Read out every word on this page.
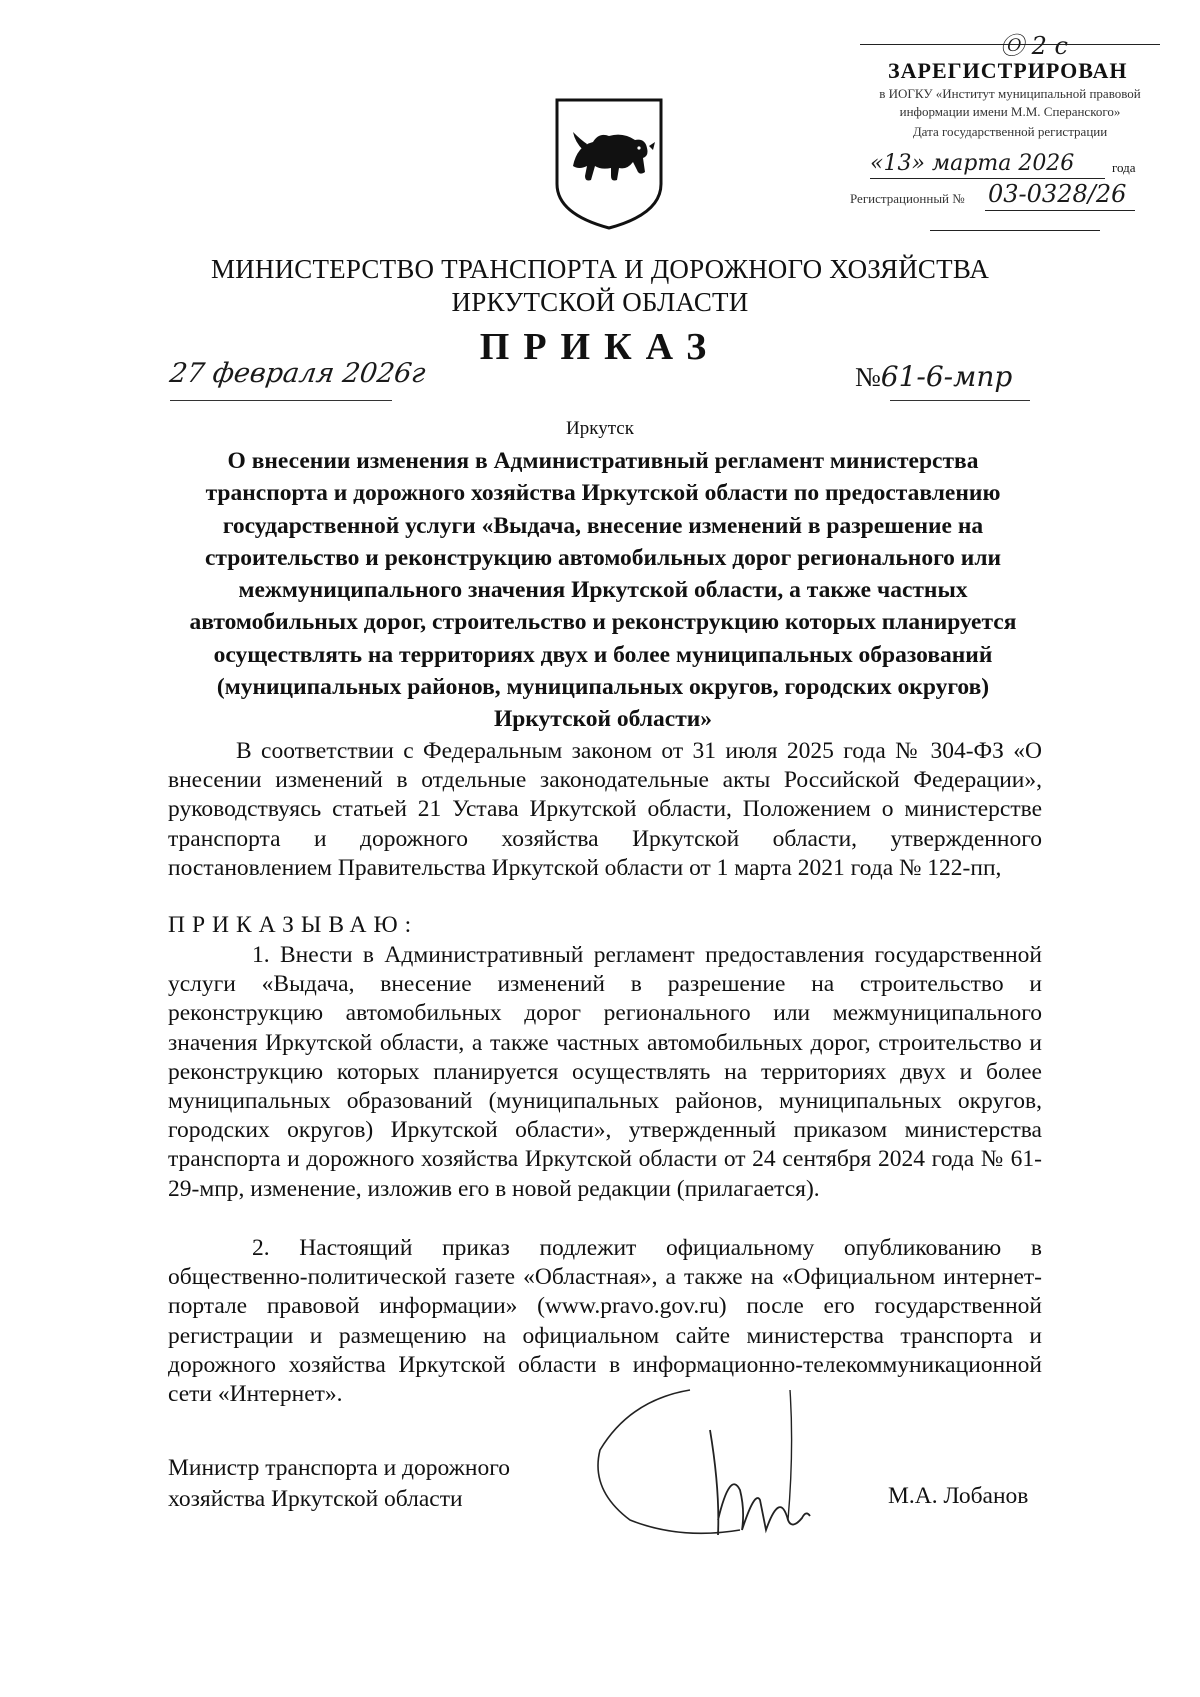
Ⓞ 2 с
ЗАРЕГИСТРИРОВАН
в ИОГКУ «Институт муниципальной правовой
информации имени М.М. Сперанского»
Дата государственной регистрации
«13» марта 2026	года
Регистрационный № 03-0328/26
МИНИСТЕРСТВО ТРАНСПОРТА И ДОРОЖНОГО ХОЗЯЙСТВА
ИРКУТСКОЙ ОБЛАСТИ
ПРИКАЗ
27 февраля 2026г	№61-6-мпр
Иркутск
О внесении изменения в Административный регламент министерства транспорта и дорожного хозяйства Иркутской области по предоставлению государственной услуги «Выдача, внесение изменений в разрешение на строительство и реконструкцию автомобильных дорог регионального или межмуниципального значения Иркутской области, а также частных автомобильных дорог, строительство и реконструкцию которых планируется осуществлять на территориях двух и более муниципальных образований (муниципальных районов, муниципальных округов, городских округов) Иркутской области»
В соответствии с Федеральным законом от 31 июля 2025 года № 304-ФЗ «О внесении изменений в отдельные законодательные акты Российской Федерации», руководствуясь статьей 21 Устава Иркутской области, Положением о министерстве транспорта и дорожного хозяйства Иркутской области, утвержденного постановлением Правительства Иркутской области от 1 марта 2021 года № 122-пп,
ПРИКАЗЫВАЮ:
1. Внести в Административный регламент предоставления государственной услуги «Выдача, внесение изменений в разрешение на строительство и реконструкцию автомобильных дорог регионального или межмуниципального значения Иркутской области, а также частных автомобильных дорог, строительство и реконструкцию которых планируется осуществлять на территориях двух и более муниципальных образований (муниципальных районов, муниципальных округов, городских округов) Иркутской области», утвержденный приказом министерства транспорта и дорожного хозяйства Иркутской области от 24 сентября 2024 года № 61-29-мпр, изменение, изложив его в новой редакции (прилагается).
2. Настоящий приказ подлежит официальному опубликованию в общественно-политической газете «Областная», а также на «Официальном интернет-портале правовой информации» (www.pravo.gov.ru) после его государственной регистрации и размещению на официальном сайте министерства транспорта и дорожного хозяйства Иркутской области в информационно-телекоммуникационной сети «Интернет».
Министр транспорта и дорожного
хозяйства Иркутской области	М.А. Лобанов
